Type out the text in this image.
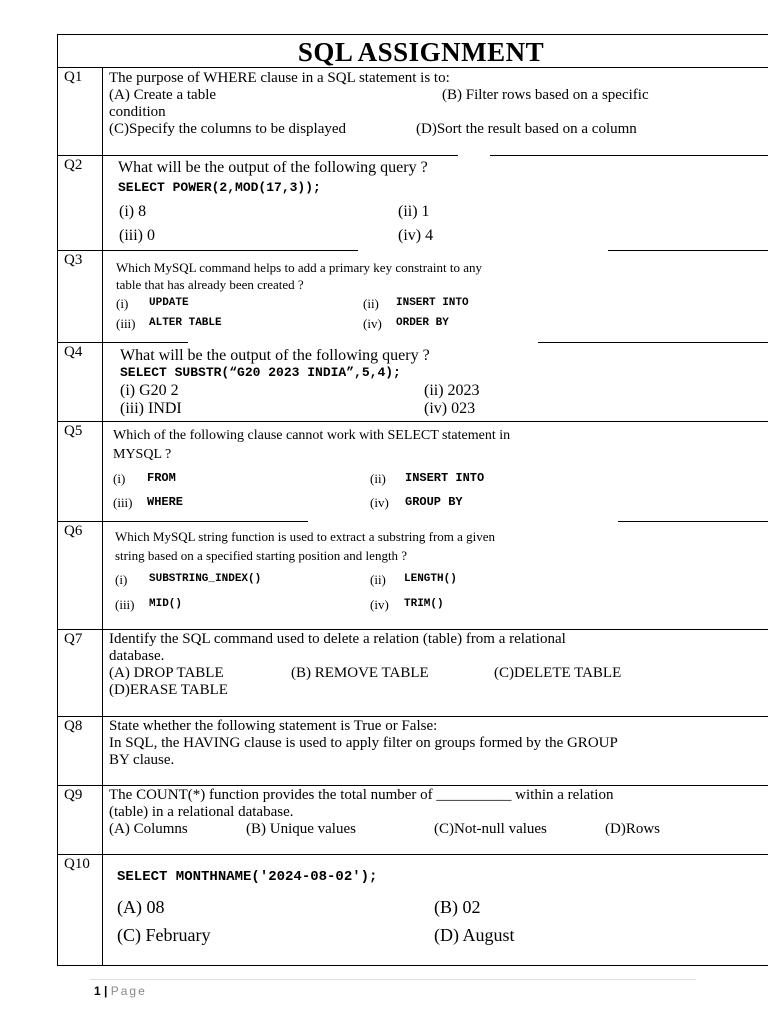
SQL ASSIGNMENT
Q1 The purpose of WHERE clause in a SQL statement is to:
(A) Create a table	(B) Filter rows based on a specific
condition
(C)Specify the columns to be displayed	(D)Sort the result based on a column
Q2 What will be the output of the following query ?
SELECT POWER(2,MOD(17,3));
(i) 8	(ii) 1
(iii) 0	(iv) 4
Q3	Which MySQL command helps to add a primary key constraint to any
table that has already been created ?
(i) UPDATE	(ii) INSERT INTO
(iii) ALTER TABLE	(iv) ORDER BY
Q4 What will be the output of the following query ?
SELECT SUBSTR(“G20 2023 INDIA”,5,4);
(i) G20 2	(ii) 2023
(iii) INDI	(iv) 023
Q5 Which of the following clause cannot work with SELECT statement in
MYSQL ?
(i) FROM	(ii) INSERT INTO
(iii) WHERE	(iv) GROUP BY
Q6	Which MySQL string function is used to extract a substring from a given
string based on a specified starting position and length ?
(i) SUBSTRING_INDEX()	(ii) LENGTH()
(iii) MID()	(iv) TRIM()
Q7 Identify the SQL command used to delete a relation (table) from a relational
database.
(A) DROP TABLE	(B) REMOVE TABLE	(C)DELETE TABLE
(D)ERASE TABLE
Q8 State whether the following statement is True or False:
In SQL, the HAVING clause is used to apply filter on groups formed by the GROUP
BY clause.
Q9 The COUNT(*) function provides the total number of __________ within a relation
(table) in a relational database.
(A) Columns	(B) Unique values	(C)Not-null values	(D)Rows
Q10
SELECT MONTHNAME('2024-08-02');
(A) 08	(B) 02
(C) February	(D) August
1 | Page
